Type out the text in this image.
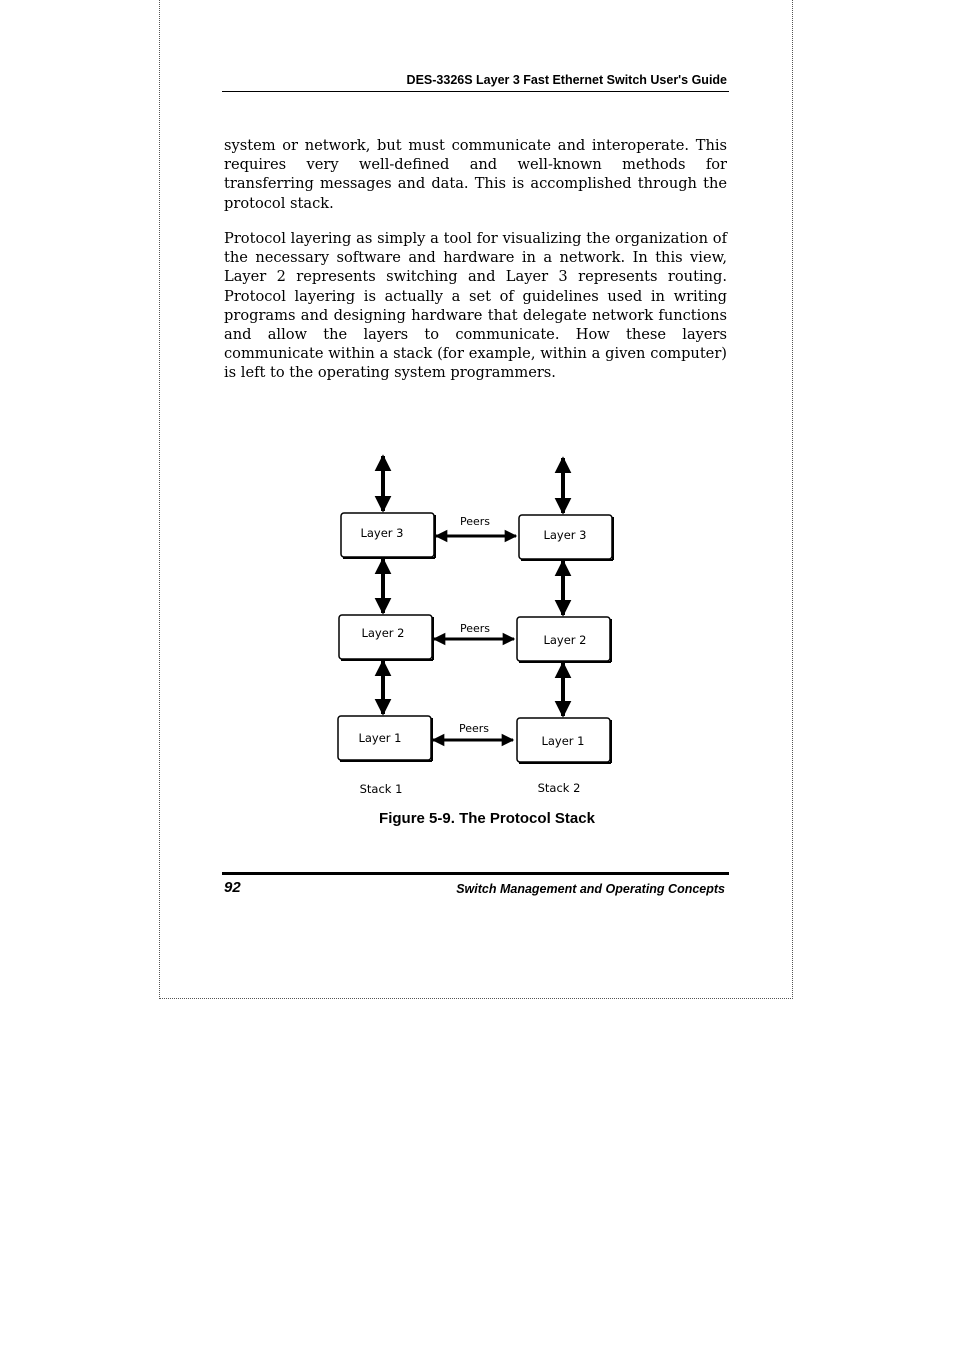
DES-3326S Layer 3 Fast Ethernet Switch User's Guide

system or network, but must communicate and interoperate. This requires very well-defined and well-known methods for transferring messages and data. This is accomplished through the protocol stack.

Protocol layering as simply a tool for visualizing the organization of the necessary software and hardware in a network. In this view, Layer 2 represents switching and Layer 3 represents routing. Protocol layering is actually a set of guidelines used in writing programs and designing hardware that delegate network functions and allow the layers to communicate. How these layers communicate within a stack (for example, within a given computer) is left to the operating system programmers.

Layer 3
Layer 2
Layer 1
Layer 3
Layer 2
Layer 1
Peers
Peers
Peers
Stack 1	Stack 2
Figure 5-9. The Protocol Stack
92	Switch Management and Operating Concepts
